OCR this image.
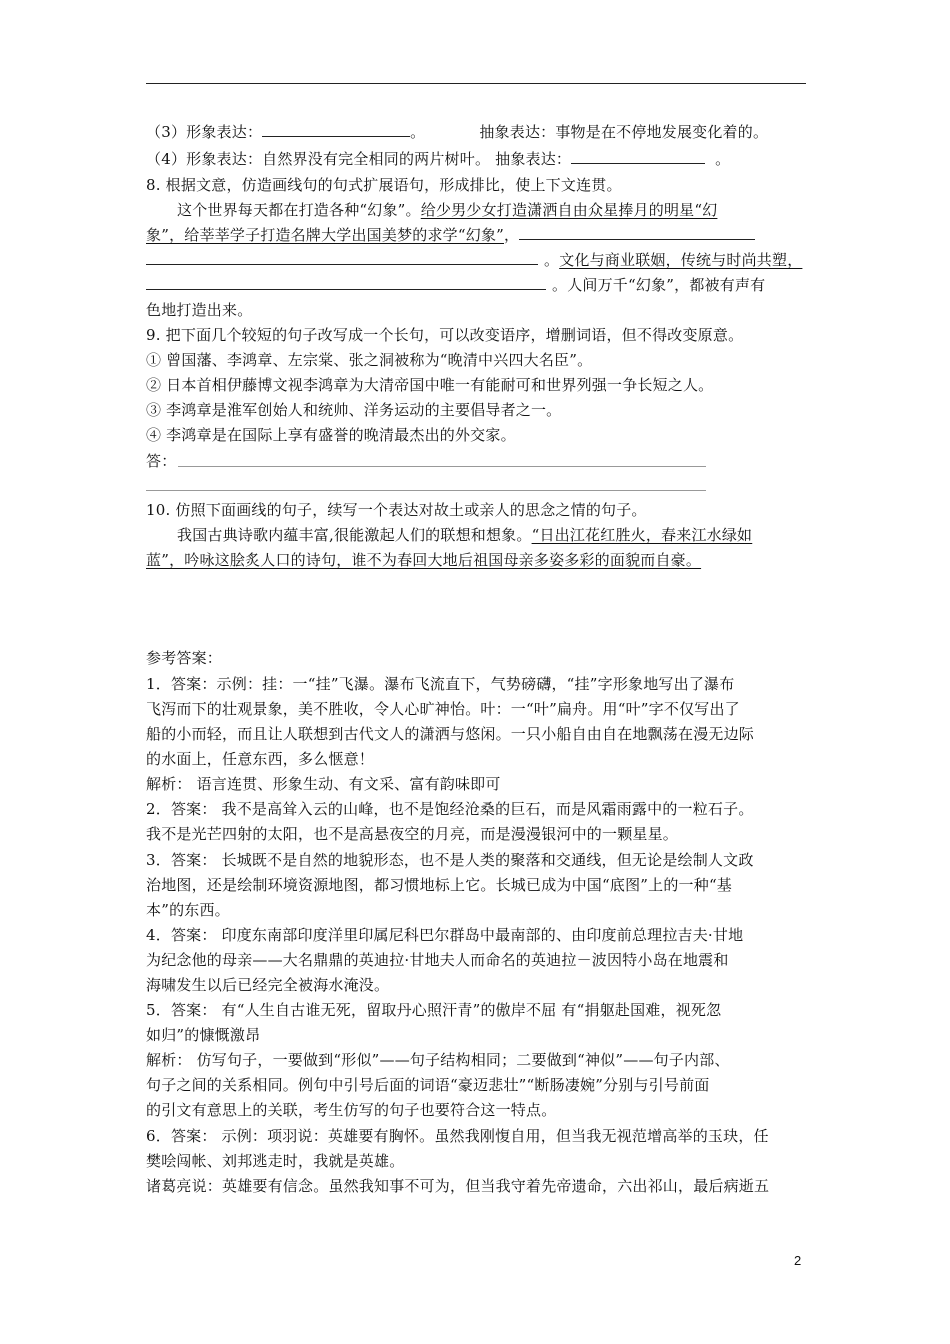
（3）形象表达：	。	抽象表达：事物是在不停地发展变化着的。
（4）形象表达：自然界没有完全相同的两片树叶。 抽象表达：	。
8. 根据文意，仿造画线句的句式扩展语句，形成排比，使上下文连贯。
这个世界每天都在打造各种“幻象”。给少男少女打造潇洒自由众星捧月的明星“幻
象”，给莘莘学子打造名牌大学出国美梦的求学“幻象”，
。文化与商业联姻，传统与时尚共塑，
。人间万千“幻象”，都被有声有
色地打造出来。
9. 把下面几个较短的句子改写成一个长句，可以改变语序，增删词语，但不得改变原意。
① 曾国藩、李鸿章、左宗棠、张之洞被称为“晚清中兴四大名臣”。
② 日本首相伊藤博文视李鸿章为大清帝国中唯一有能耐可和世界列强一争长短之人。
③ 李鸿章是淮军创始人和统帅、洋务运动的主要倡导者之一。
④ 李鸿章是在国际上享有盛誉的晚清最杰出的外交家。
答：
10. 仿照下面画线的句子，续写一个表达对故土或亲人的思念之情的句子。
我国古典诗歌内蕴丰富,很能激起人们的联想和想象。“日出江花红胜火，春来江水绿如
蓝”，吟咏这脍炙人口的诗句，谁不为春回大地后祖国母亲多姿多彩的面貌而自豪。
参考答案：
1．答案：示例：挂：一“挂”飞瀑。瀑布飞流直下，气势磅礴，“挂”字形象地写出了瀑布
飞泻而下的壮观景象，美不胜收，令人心旷神怡。叶：一“叶”扁舟。用“叶”字不仅写出了
船的小而轻，而且让人联想到古代文人的潇洒与悠闲。一只小船自由自在地飘荡在漫无边际
的水面上，任意东西，多么惬意！
解析： 语言连贯、形象生动、有文采、富有韵味即可
2．答案： 我不是高耸入云的山峰，也不是饱经沧桑的巨石，而是风霜雨露中的一粒石子。
我不是光芒四射的太阳，也不是高悬夜空的月亮，而是漫漫银河中的一颗星星。
3．答案： 长城既不是自然的地貌形态，也不是人类的聚落和交通线，但无论是绘制人文政
治地图，还是绘制环境资源地图，都习惯地标上它。长城已成为中国“底图”上的一种“基
本”的东西。
4．答案： 印度东南部印度洋里印属尼科巴尔群岛中最南部的、由印度前总理拉吉夫·甘地
为纪念他的母亲——大名鼎鼎的英迪拉·甘地夫人而命名的英迪拉－波因特小岛在地震和
海啸发生以后已经完全被海水淹没。
5．答案： 有“人生自古谁无死，留取丹心照汗青”的傲岸不屈 有“捐躯赴国难，视死忽
如归”的慷慨激昂
解析： 仿写句子，一要做到“形似”——句子结构相同；二要做到“神似”——句子内部、
句子之间的关系相同。例句中引号后面的词语“豪迈悲壮”“断肠凄婉”分别与引号前面
的引文有意思上的关联，考生仿写的句子也要符合这一特点。
6．答案： 示例：项羽说：英雄要有胸怀。虽然我刚愎自用，但当我无视范增高举的玉玦，任
樊哙闯帐、刘邦逃走时，我就是英雄。
诸葛亮说：英雄要有信念。虽然我知事不可为，但当我守着先帝遗命，六出祁山，最后病逝五
2
